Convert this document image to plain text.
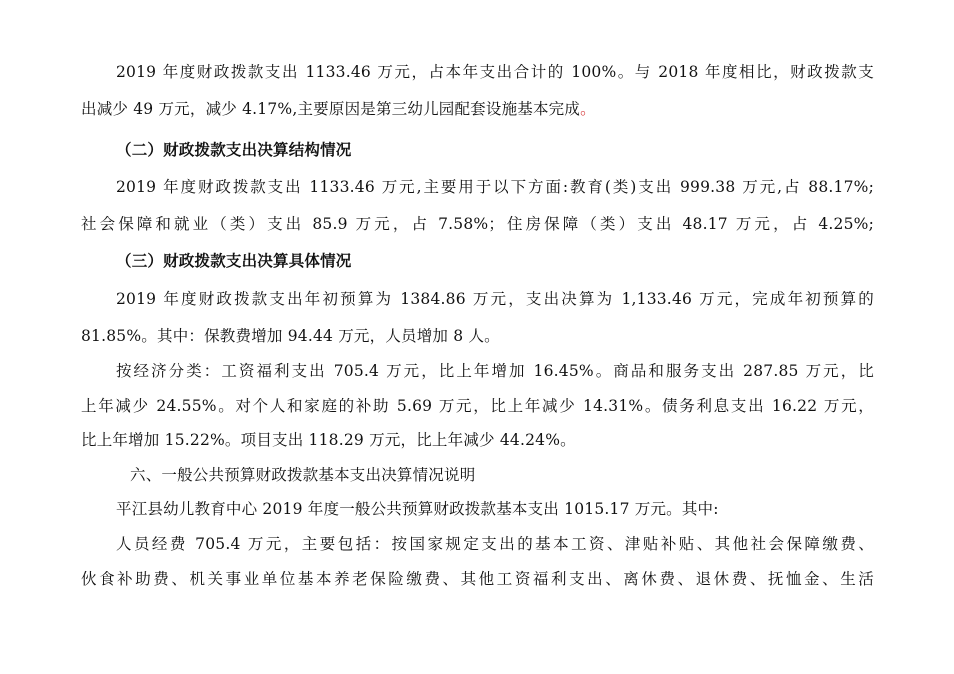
2019 年度财政拨款支出 1133.46 万元，占本年支出合计的 100%。与 2018 年度相比，财政拨款支
出减少 49 万元，减少 4.17%,主要原因是第三幼儿园配套设施基本完成。
（二）财政拨款支出决算结构情况
2019 年度财政拨款支出 1133.46 万元,主要用于以下方面:教育(类)支出 999.38 万元,占 88.17%;
社会保障和就业（类）支出 85.9 万元，占 7.58%；住房保障（类）支出 48.17 万元，占 4.25%;
（三）财政拨款支出决算具体情况
2019 年度财政拨款支出年初预算为 1384.86 万元，支出决算为 1,133.46 万元，完成年初预算的
81.85%。其中：保教费增加 94.44 万元，人员增加 8 人。
按经济分类：工资福利支出 705.4 万元，比上年增加 16.45%。商品和服务支出 287.85 万元，比
上年减少 24.55%。对个人和家庭的补助 5.69 万元，比上年减少 14.31%。债务利息支出 16.22 万元，
比上年增加 15.22%。项目支出 118.29 万元，比上年减少 44.24%。
六、一般公共预算财政拨款基本支出决算情况说明
平江县幼儿教育中心 2019 年度一般公共预算财政拨款基本支出 1015.17 万元。其中:
人员经费 705.4 万元，主要包括：按国家规定支出的基本工资、津贴补贴、其他社会保障缴费、
伙食补助费、机关事业单位基本养老保险缴费、其他工资福利支出、离休费、退休费、抚恤金、生活
